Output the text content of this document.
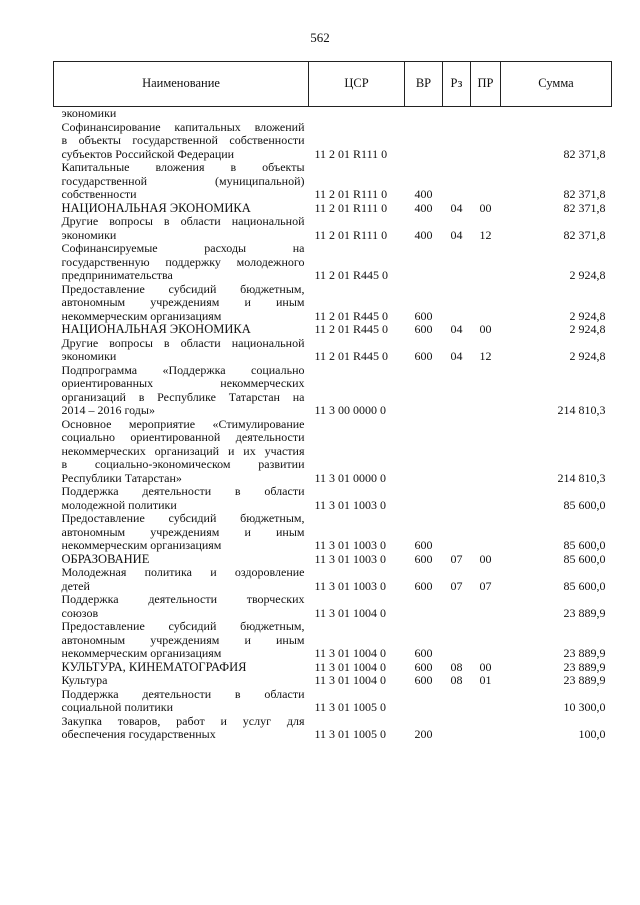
562
Наименование	ЦСР	ВР	Рз	ПР	Сумма

экономики					

Софинансирование капитальных вложений
в объекты государственной собственности
субъектов Российской Федерации	11 2 01 R111 0				82 371,8

Капитальные вложения в объекты
государственной (муниципальной)
собственности	11 2 01 R111 0	400			82 371,8

НАЦИОНАЛЬНАЯ ЭКОНОМИКА	11 2 01 R111 0	400	04	00	82 371,8

Другие вопросы в области национальной
экономики	11 2 01 R111 0	400	04	12	82 371,8

Софинансируемые расходы на
государственную поддержку молодежного
предпринимательства	11 2 01 R445 0				2 924,8

Предоставление субсидий бюджетным,
автономным учреждениям и иным
некоммерческим организациям	11 2 01 R445 0	600			2 924,8

НАЦИОНАЛЬНАЯ ЭКОНОМИКА	11 2 01 R445 0	600	04	00	2 924,8

Другие вопросы в области национальной
экономики	11 2 01 R445 0	600	04	12	2 924,8

Подпрограмма «Поддержка социально
ориентированных некоммерческих
организаций в Республике Татарстан на
2014 – 2016 годы»	11 3 00 0000 0				214 810,3

Основное мероприятие «Стимулирование
социально ориентированной деятельности
некоммерческих организаций и их участия
в социально-экономическом развитии
Республики Татарстан»	11 3 01 0000 0				214 810,3

Поддержка деятельности в области
молодежной политики	11 3 01 1003 0				85 600,0

Предоставление субсидий бюджетным,
автономным учреждениям и иным
некоммерческим организациям	11 3 01 1003 0	600			85 600,0

ОБРАЗОВАНИЕ	11 3 01 1003 0	600	07	00	85 600,0

Молодежная политика и оздоровление
детей	11 3 01 1003 0	600	07	07	85 600,0

Поддержка деятельности творческих
союзов	11 3 01 1004 0				23 889,9

Предоставление субсидий бюджетным,
автономным учреждениям и иным
некоммерческим организациям	11 3 01 1004 0	600			23 889,9

КУЛЬТУРА, КИНЕМАТОГРАФИЯ	11 3 01 1004 0	600	08	00	23 889,9

Культура	11 3 01 1004 0	600	08	01	23 889,9

Поддержка деятельности в области
социальной политики	11 3 01 1005 0				10 300,0

Закупка товаров, работ и услуг для
обеспечения государственных	11 3 01 1005 0	200			100,0
